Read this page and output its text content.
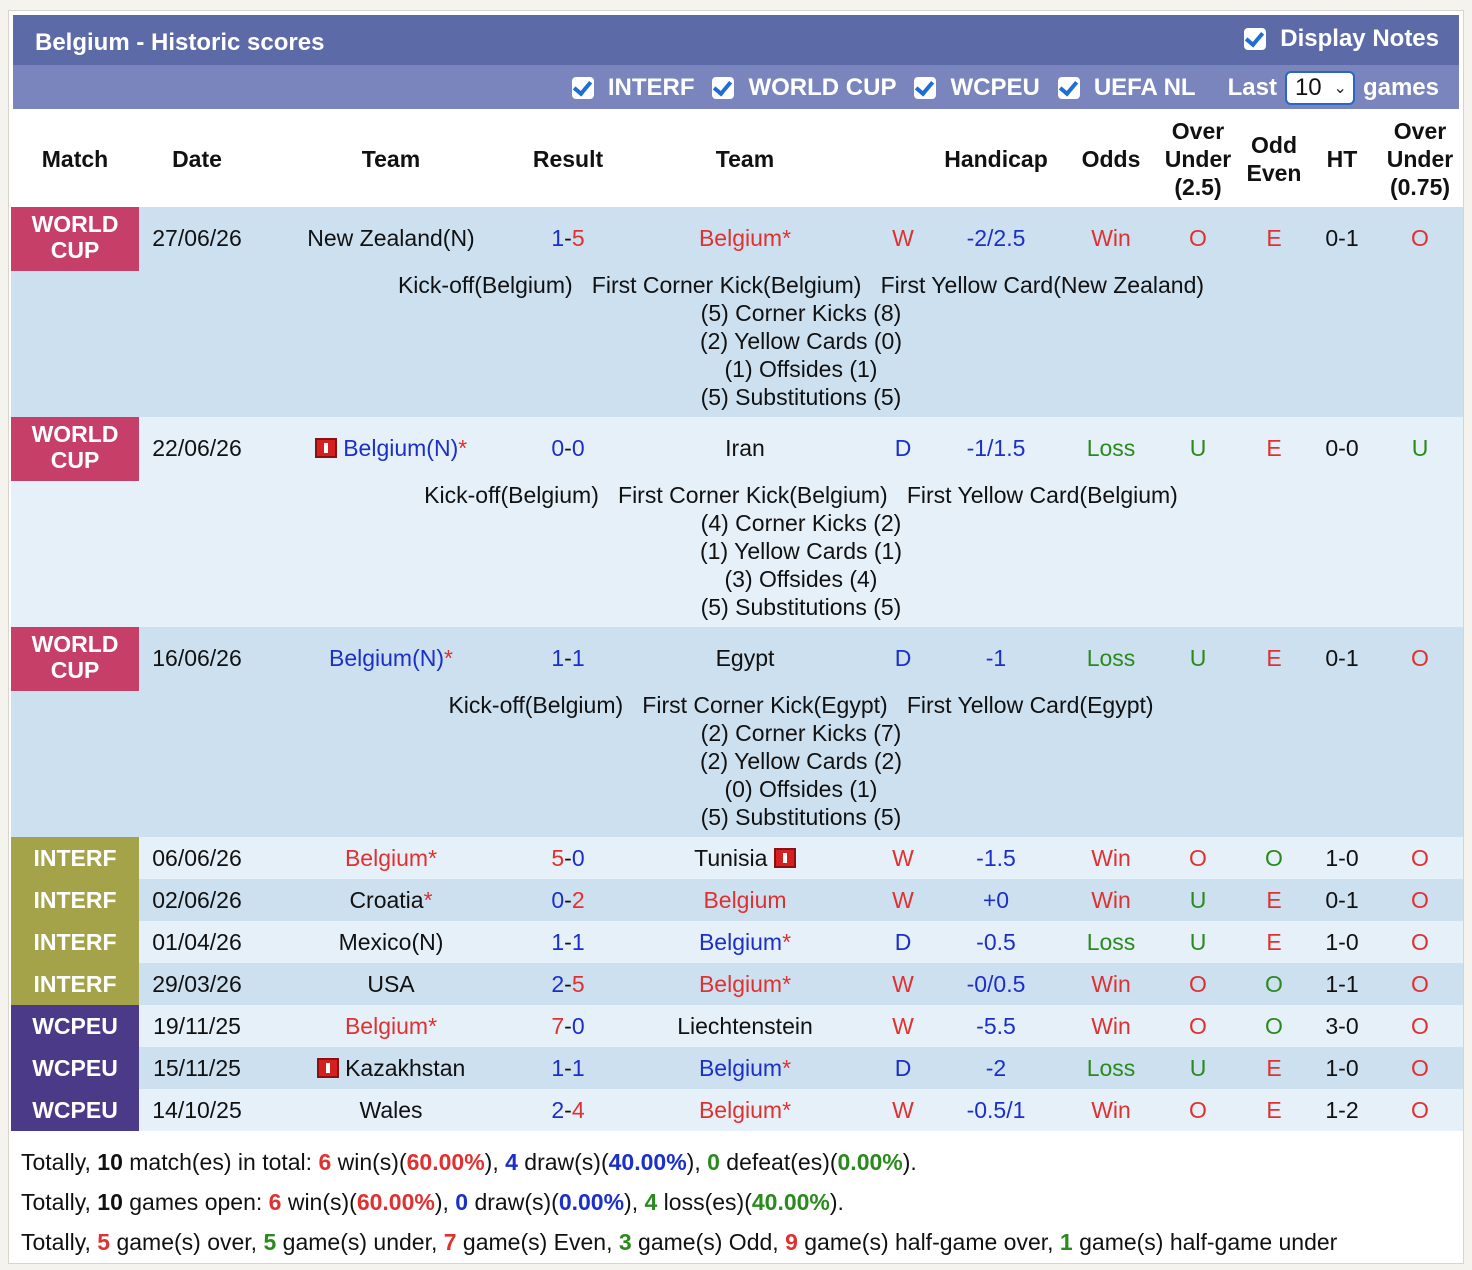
Belgium - Historic scores	Display Notes
INTERF WORLD CUP WCPEU UEFA NL Last 10 ⌄ games
Match	Date	Team	Result	Team		Handicap	Odds	Over
Under
(2.5)	Odd
Even	HT	Over
Under
(0.75)
WORLD
CUP	27/06/26	New Zealand(N)	1-5	Belgium*	W	-2/2.5	Win	O	E	0-1	O

	Kick-off(Belgium)   First Corner Kick(Belgium)   First Yellow Card(New Zealand)
(5) Corner Kicks (8)
(2) Yellow Cards (0)
(1) Offsides (1)
(5) Substitutions (5)										

WORLD
CUP	22/06/26	Belgium(N)*	0-0	Iran	D	-1/1.5	Loss	U	E	0-0	U

	Kick-off(Belgium)   First Corner Kick(Belgium)   First Yellow Card(Belgium)
(4) Corner Kicks (2)
(1) Yellow Cards (1)
(3) Offsides (4)
(5) Substitutions (5)										

WORLD
CUP	16/06/26	Belgium(N)*	1-1	Egypt	D	-1	Loss	U	E	0-1	O

	Kick-off(Belgium)   First Corner Kick(Egypt)   First Yellow Card(Egypt)
(2) Corner Kicks (7)
(2) Yellow Cards (2)
(0) Offsides (1)
(5) Substitutions (5)										

INTERF	06/06/26	Belgium*	5-0	Tunisia	W	-1.5	Win	O	O	1-0	O
INTERF	02/06/26	Croatia*	0-2	Belgium	W	+0	Win	U	E	0-1	O
INTERF	01/04/26	Mexico(N)	1-1	Belgium*	D	-0.5	Loss	U	E	1-0	O
INTERF	29/03/26	USA	2-5	Belgium*	W	-0/0.5	Win	O	O	1-1	O
WCPEU	19/11/25	Belgium*	7-0	Liechtenstein	W	-5.5	Win	O	O	3-0	O
WCPEU	15/11/25	Kazakhstan	1-1	Belgium*	D	-2	Loss	U	E	1-0	O
WCPEU	14/10/25	Wales	2-4	Belgium*	W	-0.5/1	Win	O	E	1-2	O
Totally, 10 match(es) in total: 6 win(s)(60.00%), 4 draw(s)(40.00%), 0 defeat(es)(0.00%).
Totally, 10 games open: 6 win(s)(60.00%), 0 draw(s)(0.00%), 4 loss(es)(40.00%).
Totally, 5 game(s) over, 5 game(s) under, 7 game(s) Even, 3 game(s) Odd, 9 game(s) half-game over, 1 game(s) half-game under
